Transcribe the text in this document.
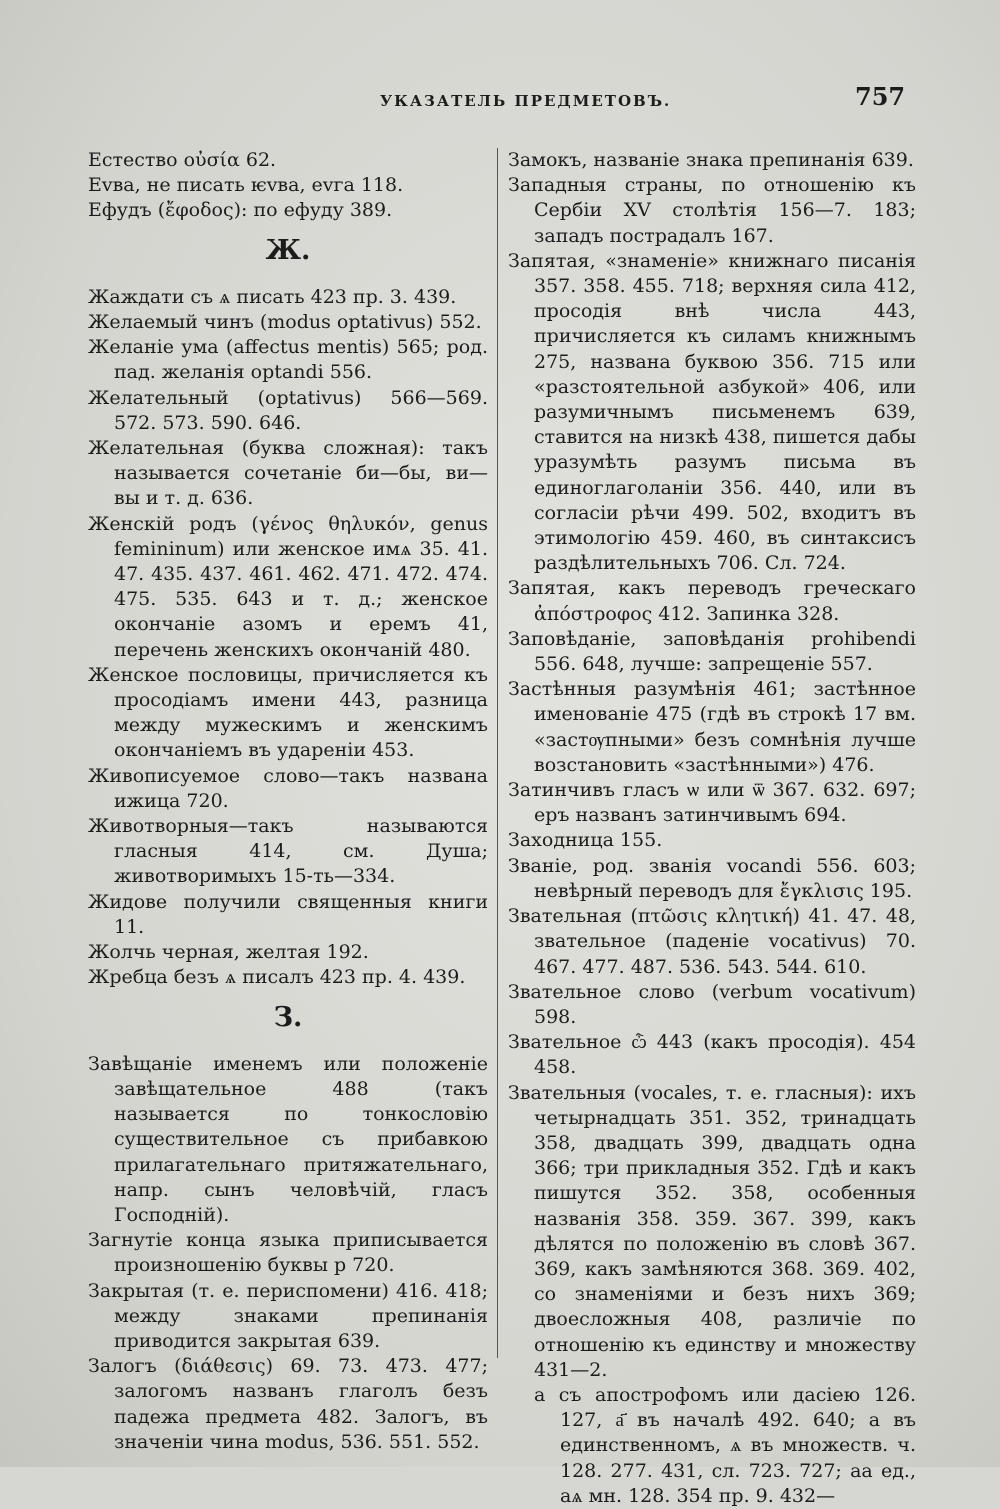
УКАЗАТЕЛЬ ПРЕДМЕТОВЪ.	757

Естество οὐσία 62.

Еvва, не писать ѥvва, еvга 118.

Ефудъ (ἔφοδος): по ефуду 389.

Ж.

Жаждати съ ѧ писать 423 пр. 3. 439.

Желаемый чинъ (modus optativus) 552.

Желаніе ума (affectus mentis) 565; род. пад. желанія optandi 556.

Желательный (optativus) 566—569. 572. 573. 590. 646.

Желательная (буква сложная): такъ называется сочетаніе би—бы, ви—вы и т. д. 636.

Женскій родъ (γένος θηλυκόν, genus femininum) или женское имѧ 35. 41. 47. 435. 437. 461. 462. 471. 472. 474. 475. 535. 643 и т. д.; женское окончаніе азомъ и еремъ 41, перечень женскихъ окончаній 480.

Женское пословицы, причисляется къ просодіамъ имени 443, разница между мужескимъ и женскимъ окончаніемъ въ удареніи 453.

Живописуемое слово—такъ названа ижица 720.

Животворныя—такъ называются гласныя 414, см. Душа; животворимыхъ 15-ть—334.

Жидове получили священныя книги 11.

Жолчь черная, желтая 192.

Жребца безъ ѧ писалъ 423 пр. 4. 439.

З.

Завѣщаніе именемъ или положеніе завѣщательное 488 (такъ называется по тонкословію существительное съ прибавкою прилагательнаго притяжательнаго, напр. сынъ человѣчій, гласъ Господній).

Загнутіе конца языка приписывается произношенію буквы р 720.

Закрытая (т. е. периспомени) 416. 418; между знаками препинанія приводится закрытая 639.

Залогъ (διάθεσις) 69. 73. 473. 477; залогомъ названъ глаголъ безъ падежа предмета 482. Залогъ, въ значеніи чина modus, 536. 551. 552.

Замокъ, названіе знака препинанія 639.

Западныя страны, по отношенію къ Сербіи XV столѣтія 156—7. 183; западъ пострадалъ 167.

Запятая, «знаменіе» книжнаго писанія 357. 358. 455. 718; верхняя сила 412, просодія внѣ числа 443, причисляется къ силамъ книжнымъ 275, названа буквою 356. 715 или «разстоятельной азбукой» 406, или разумичнымъ письменемъ 639, ставится на низкѣ 438, пишется дабы уразумѣть разумъ письма въ единоглаголаніи 356. 440, или въ согласіи рѣчи 499. 502, входитъ въ этимологію 459. 460, въ синтаксисъ раздѣлительныхъ 706. Сл. 724.

Запятая, какъ переводъ греческаго ἀπόστροφος 412. Запинка 328.

Заповѣданіе, заповѣданія prohibendi 556. 648, лучше: запрещеніе 557.

Застѣнныя разумѣнія 461; застѣнное именованіе 475 (гдѣ въ строкѣ 17 вм. «застѹпными» безъ сомнѣнія лучше возстановить «застѣнными») 476.

Затинчивъ гласъ ѡ или ѿ 367. 632. 697; еръ названъ затинчивымъ 694.

Заходница 155.

Званіе, род. званія vocandi 556. 603; невѣрный переводъ для ἔγκλισις 195.

Звательная (πτῶσις κλητική) 41. 47. 48, звательное (паденіе vocativus) 70. 467. 477. 487. 536. 543. 544. 610.

Звательное слово (verbum vocativum) 598.

Звательное ѽ 443 (какъ просодія). 454 458.

Звательныя (vocales, т. е. гласныя): ихъ четырнадцать 351. 352, тринадцать 358, двадцать 399, двадцать одна 366; три прикладныя 352. Гдѣ и какъ пишутся 352. 358, особенныя названія 358. 359. 367. 399, какъ дѣлятся по положенію въ словѣ 367. 369, какъ замѣняются 368. 369. 402, со знаменіями и безъ нихъ 369; двоесложныя 408, различіе по отношенію къ единству и множеству 431—2.

а съ апострофомъ или дасіею 126. 127, а҃ въ началѣ 492. 640; а въ единственномъ, ѧ въ множеств. ч. 128. 277. 431, сл. 723. 727; аа ед., аѧ мн. 128. 354 пр. 9. 432—
